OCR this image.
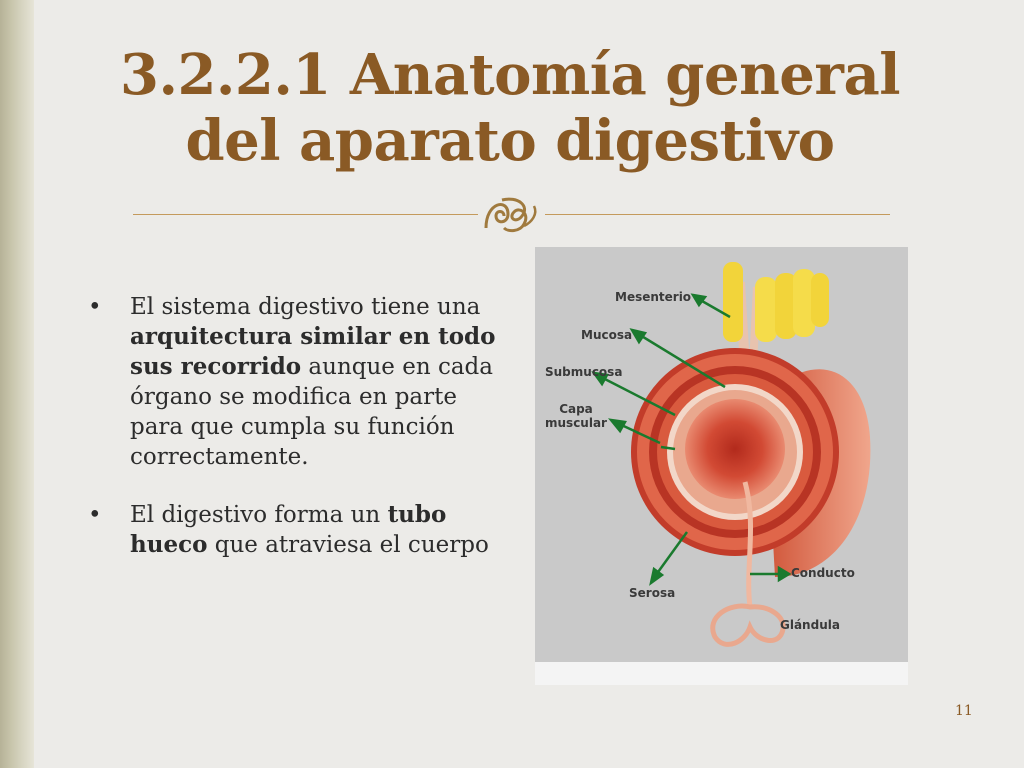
3.2.2.1 Anatomía general del aparato digestivo
• El sistema digestivo tiene una arquitectura similar en todo sus recorrido aunque en cada órgano se modifica en parte para que cumpla su función correctamente.
• El digestivo forma un tubo hueco que atraviesa el cuerpo
Mesenterio
Mucosa
Submucosa
Capa
muscular
Serosa
Conducto
Glándula
11
